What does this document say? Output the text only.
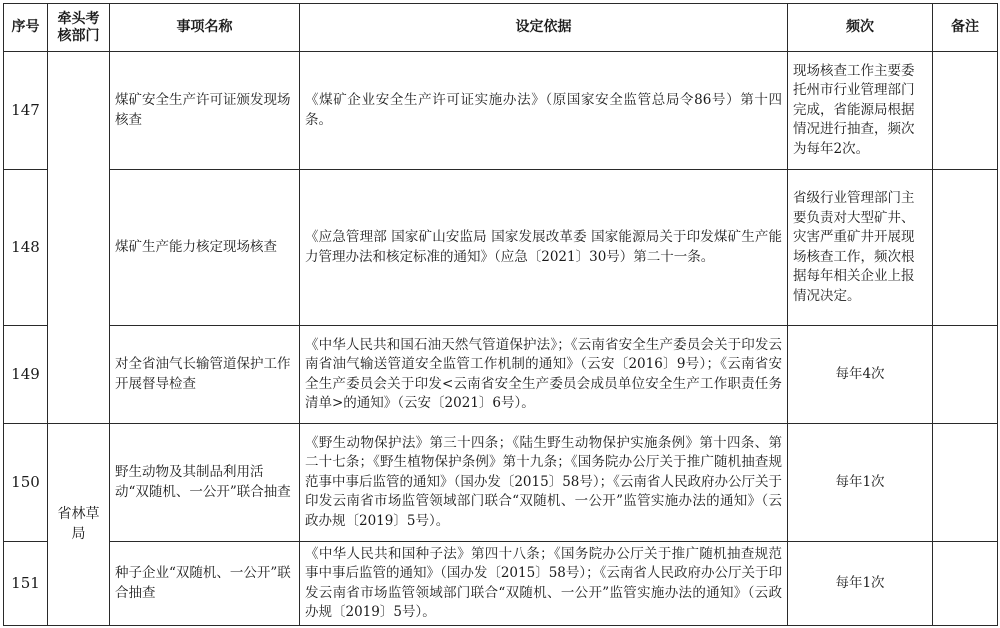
序号	牵头考核部门	事项名称	设定依据	频次	备注
147		煤矿安全生产许可证颁发现场核查	《煤矿企业安全生产许可证实施办法》（原国家安全监管总局令86号）第十四条。	现场核查工作主要委托州市行业管理部门完成，省能源局根据情况进行抽查，频次为每年2次。	
148		煤矿生产能力核定现场核查	《应急管理部 国家矿山安监局 国家发展改革委 国家能源局关于印发煤矿生产能力管理办法和核定标准的通知》（应急〔2021〕30号）第二十一条。	省级行业管理部门主要负责对大型矿井、灾害严重矿井开展现场核查工作，频次根据每年相关企业上报情况决定。	
149		对全省油气长输管道保护工作开展督导检查	《中华人民共和国石油天然气管道保护法》；《云南省安全生产委员会关于印发云南省油气输送管道安全监管工作机制的通知》（云安〔2016〕9号）；《云南省安全生产委员会关于印发<云南省安全生产委员会成员单位安全生产工作职责任务清单>的通知》（云安〔2021〕6号）。	每年4次	
150	省林草局	野生动物及其制品利用活动“双随机、一公开”联合抽查	《野生动物保护法》第三十四条；《陆生野生动物保护实施条例》第十四条、第二十七条；《野生植物保护条例》第十九条；《国务院办公厅关于推广随机抽查规范事中事后监管的通知》（国办发〔2015〕58号）；《云南省人民政府办公厅关于印发云南省市场监管领域部门联合“双随机、一公开”监管实施办法的通知》（云政办规〔2019〕5号）。	每年1次	
151		种子企业“双随机、一公开”联合抽查	《中华人民共和国种子法》第四十八条；《国务院办公厅关于推广随机抽查规范事中事后监管的通知》（国办发〔2015〕58号）；《云南省人民政府办公厅关于印发云南省市场监管领域部门联合“双随机、一公开”监管实施办法的通知》（云政办规〔2019〕5号）。	每年1次	
